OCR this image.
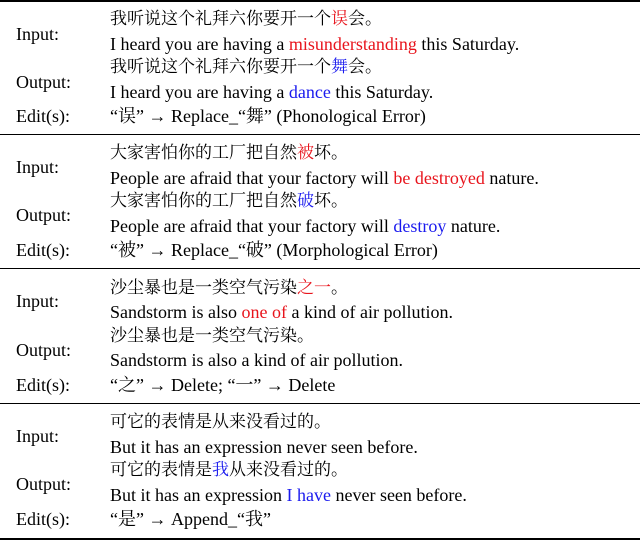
Input:
我听说这个礼拜六你要开一个误会。
I heard you are having a misunderstanding this Saturday.
Output:
我听说这个礼拜六你要开一个舞会。
I heard you are having a dance this Saturday.
Edit(s): “误” → Replace_“舞” (Phonological Error)
Input:
大家害怕你的工厂把自然被坏。
People are afraid that your factory will be destroyed nature.
Output:
大家害怕你的工厂把自然破坏。
People are afraid that your factory will destroy nature.
Edit(s): “被” → Replace_“破” (Morphological Error)
Input:
沙尘暴也是一类空气污染之一。
Sandstorm is also one of a kind of air pollution.
Output:
沙尘暴也是一类空气污染。
Sandstorm is also a kind of air pollution.
Edit(s): “之” → Delete; “一” → Delete
Input:
可它的表情是从来没看过的。
But it has an expression never seen before.
Output:
可它的表情是我从来没看过的。
But it has an expression I have never seen before.
Edit(s): “是” → Append_“我”
